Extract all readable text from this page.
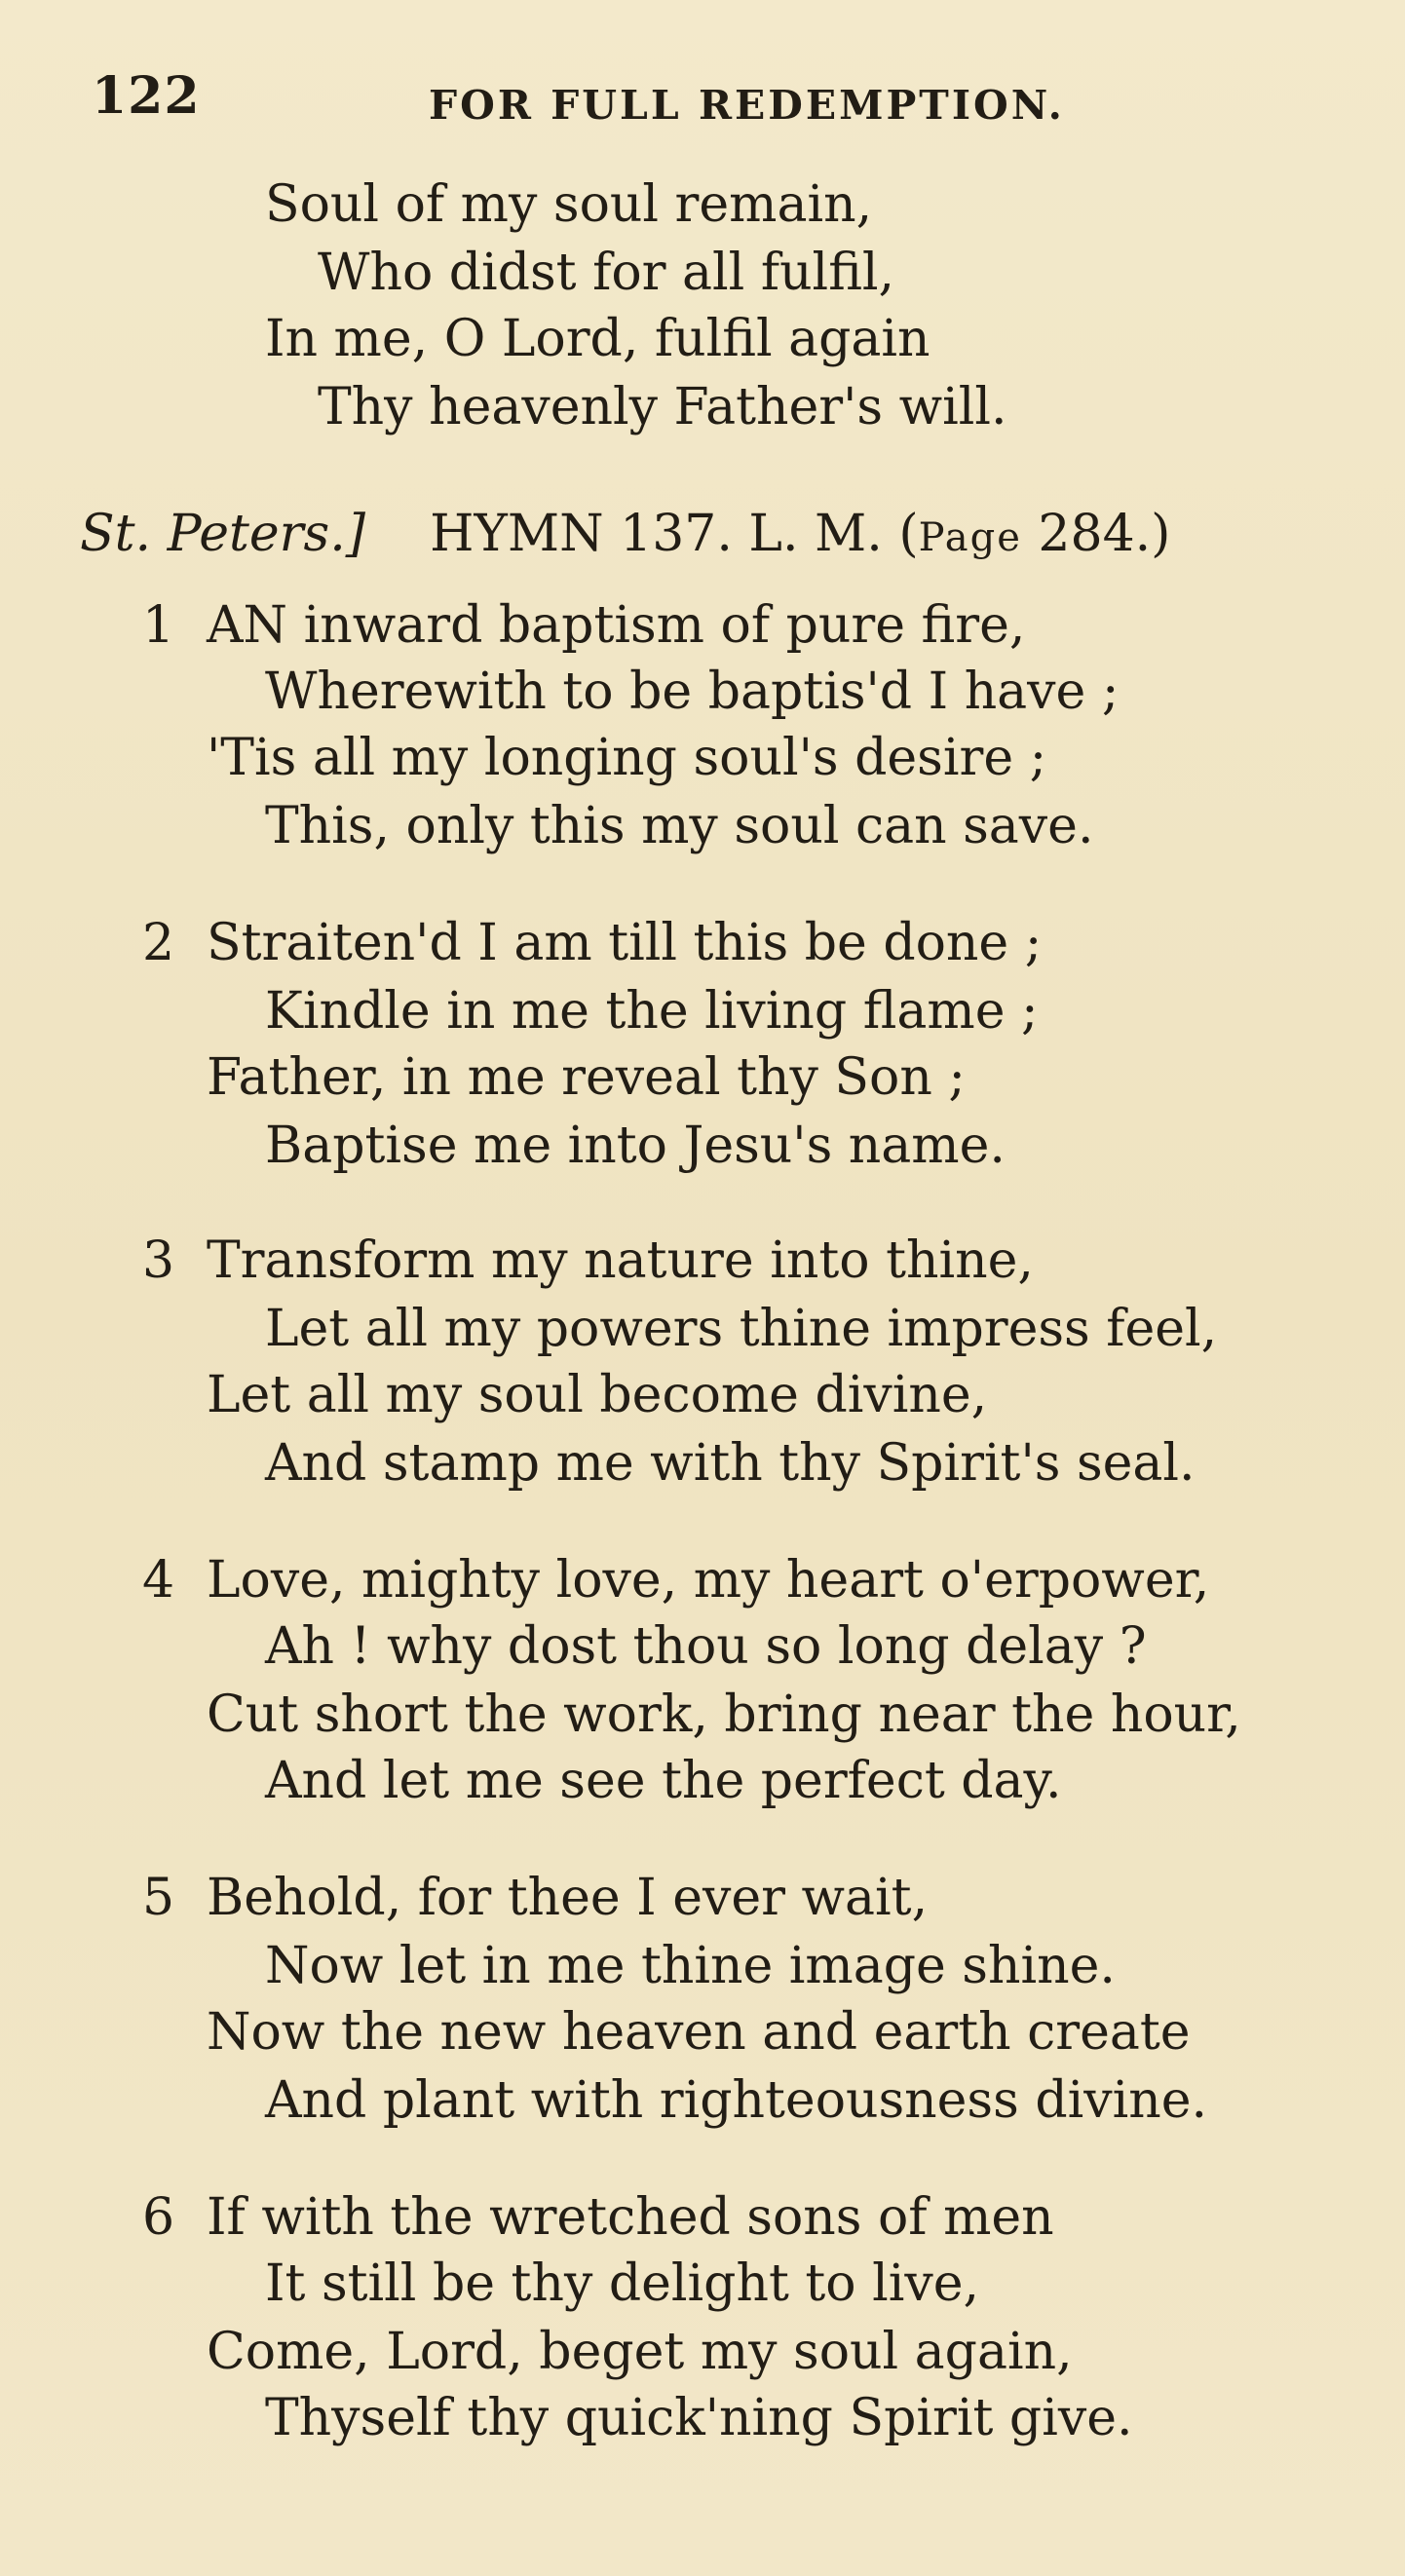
122	FOR FULL REDEMPTION.
Soul of my soul remain,
Who didst for all fulfil,
In me, O Lord, fulfil again
Thy heavenly Father's will.
St. Peters.] HYMN 137. L. M. (Page 284.)
1 AN inward baptism of pure fire,
Wherewith to be baptis'd I have ;
'Tis all my longing soul's desire ;
This, only this my soul can save.
2 Straiten'd I am till this be done ;
Kindle in me the living flame ;
Father, in me reveal thy Son ;
Baptise me into Jesu's name.
3 Transform my nature into thine,
Let all my powers thine impress feel,
Let all my soul become divine,
And stamp me with thy Spirit's seal.
4 Love, mighty love, my heart o'erpower,
Ah ! why dost thou so long delay ?
Cut short the work, bring near the hour,
And let me see the perfect day.
5 Behold, for thee I ever wait,
Now let in me thine image shine.
Now the new heaven and earth create
And plant with righteousness divine.
6 If with the wretched sons of men
It still be thy delight to live,
Come, Lord, beget my soul again,
Thyself thy quick'ning Spirit give.
